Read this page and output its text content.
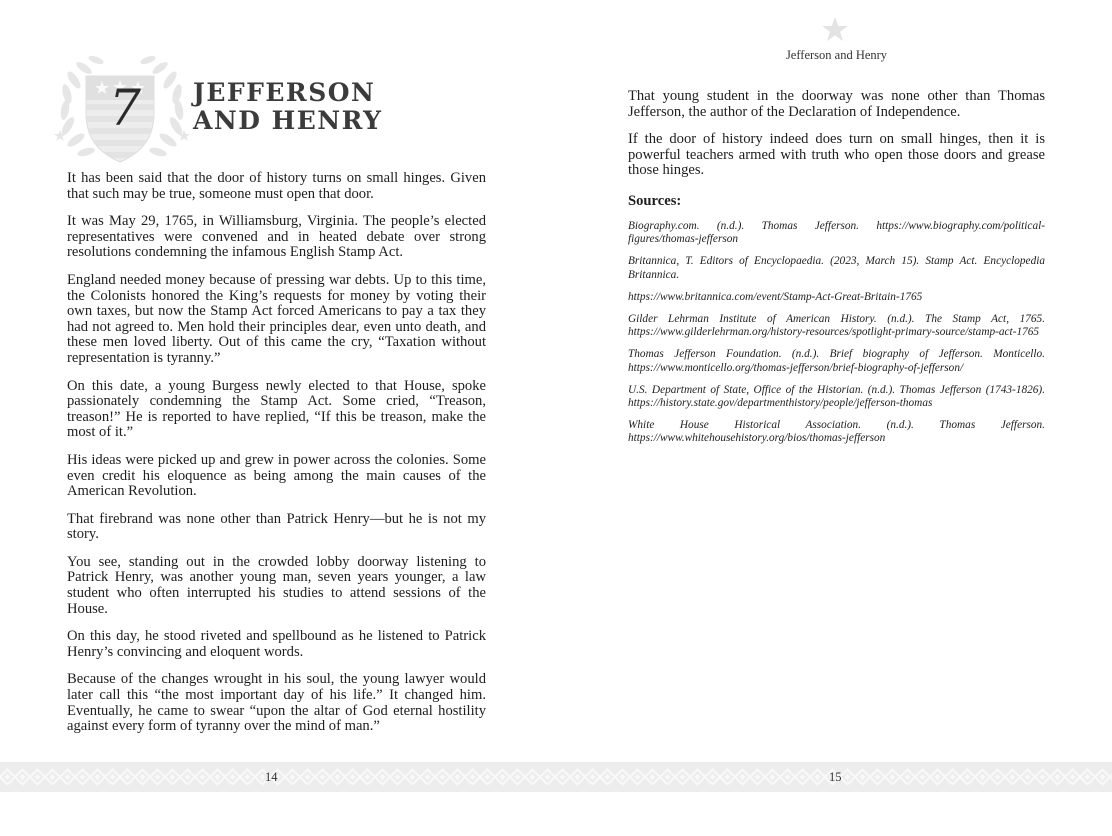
7 JEFFERSON AND HENRY

It has been said that the door of history turns on small hinges. Given that such may be true, someone must open that door.

It was May 29, 1765, in Williamsburg, Virginia. The people’s elected representatives were convened and in heated debate over strong resolutions condemning the infamous English Stamp Act.

England needed money because of pressing war debts. Up to this time, the Colonists honored the King’s requests for money by voting their own taxes, but now the Stamp Act forced Americans to pay a tax they had not agreed to. Men hold their principles dear, even unto death, and these men loved liberty. Out of this came the cry, “Taxation without representation is tyranny.”

On this date, a young Burgess newly elected to that House, spoke passionately condemning the Stamp Act. Some cried, “Treason, treason!” He is reported to have replied, “If this be treason, make the most of it.”

His ideas were picked up and grew in power across the colonies. Some even credit his eloquence as being among the main causes of the American Revolution.

That firebrand was none other than Patrick Henry—but he is not my story.

You see, standing out in the crowded lobby doorway listening to Patrick Henry, was another young man, seven years younger, a law student who often interrupted his studies to attend sessions of the House.

On this day, he stood riveted and spellbound as he listened to Patrick Henry’s convincing and eloquent words.

Because of the changes wrought in his soul, the young lawyer would later call this “the most important day of his life.” It changed him. Eventually, he came to swear “upon the altar of God eternal hostility against every form of tyranny over the mind of man.”

Jefferson and Henry

That young student in the doorway was none other than Thomas Jefferson, the author of the Declaration of Independence.

If the door of history indeed does turn on small hinges, then it is powerful teachers armed with truth who open those doors and grease those hinges.

Sources:

Biography.com. (n.d.). Thomas Jefferson. https://www.biography.com/political-figures/thomas-jefferson

Britannica, T. Editors of Encyclopaedia. (2023, March 15). Stamp Act. Encyclopedia Britannica.

https://www.britannica.com/event/Stamp-Act-Great-Britain-1765

Gilder Lehrman Institute of American History. (n.d.). The Stamp Act, 1765. https://www.gilderlehrman.org/history-resources/spotlight-primary-source/stamp-act-1765

Thomas Jefferson Foundation. (n.d.). Brief biography of Jefferson. Monticello. https://www.monticello.org/thomas-jefferson/brief-biography-of-jefferson/

U.S. Department of State, Office of the Historian. (n.d.). Thomas Jefferson (1743-1826). https://history.state.gov/departmenthistory/people/jefferson-thomas

White House Historical Association. (n.d.). Thomas Jefferson. https://www.whitehousehistory.org/bios/thomas-jefferson

14	15
